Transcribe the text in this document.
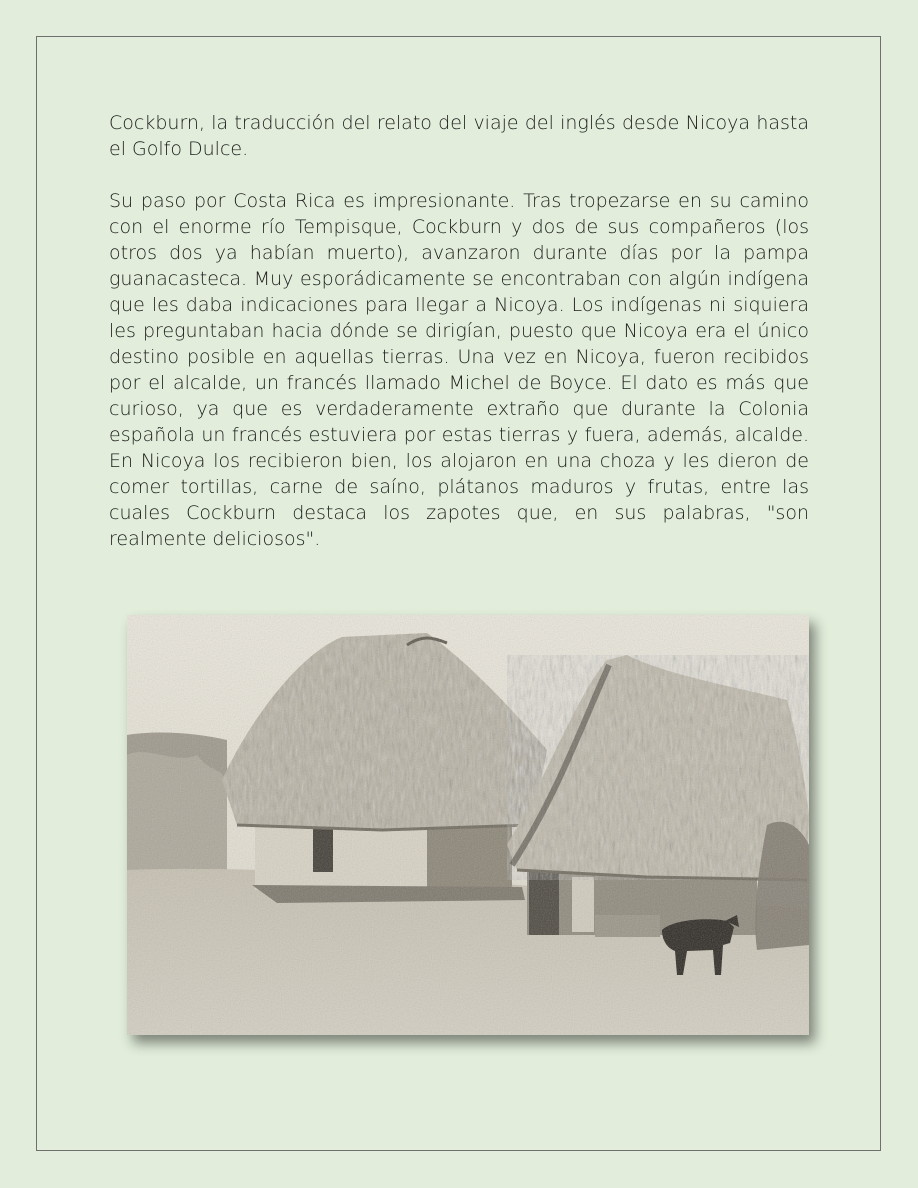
Cockburn, la traducción del relato del viaje del inglés desde Nicoya hasta el Golfo Dulce.

Su paso por Costa Rica es impresionante. Tras tropezarse en su camino con el enorme río Tempisque, Cockburn y dos de sus compañeros (los otros dos ya habían muerto), avanzaron durante días por la pampa guanacasteca. Muy esporádicamente se encontraban con algún indígena que les daba indicaciones para llegar a Nicoya. Los indígenas ni siquiera les preguntaban hacia dónde se dirigían, puesto que Nicoya era el único destino posible en aquellas tierras. Una vez en Nicoya, fueron recibidos por el alcalde, un francés llamado Michel de Boyce. El dato es más que curioso, ya que es verdaderamente extraño que durante la Colonia española un francés estuviera por estas tierras y fuera, además, alcalde. En Nicoya los recibieron bien, los alojaron en una choza y les dieron de comer tortillas, carne de saíno, plátanos maduros y frutas, entre las cuales Cockburn destaca los zapotes que, en sus palabras, "son realmente deliciosos".
